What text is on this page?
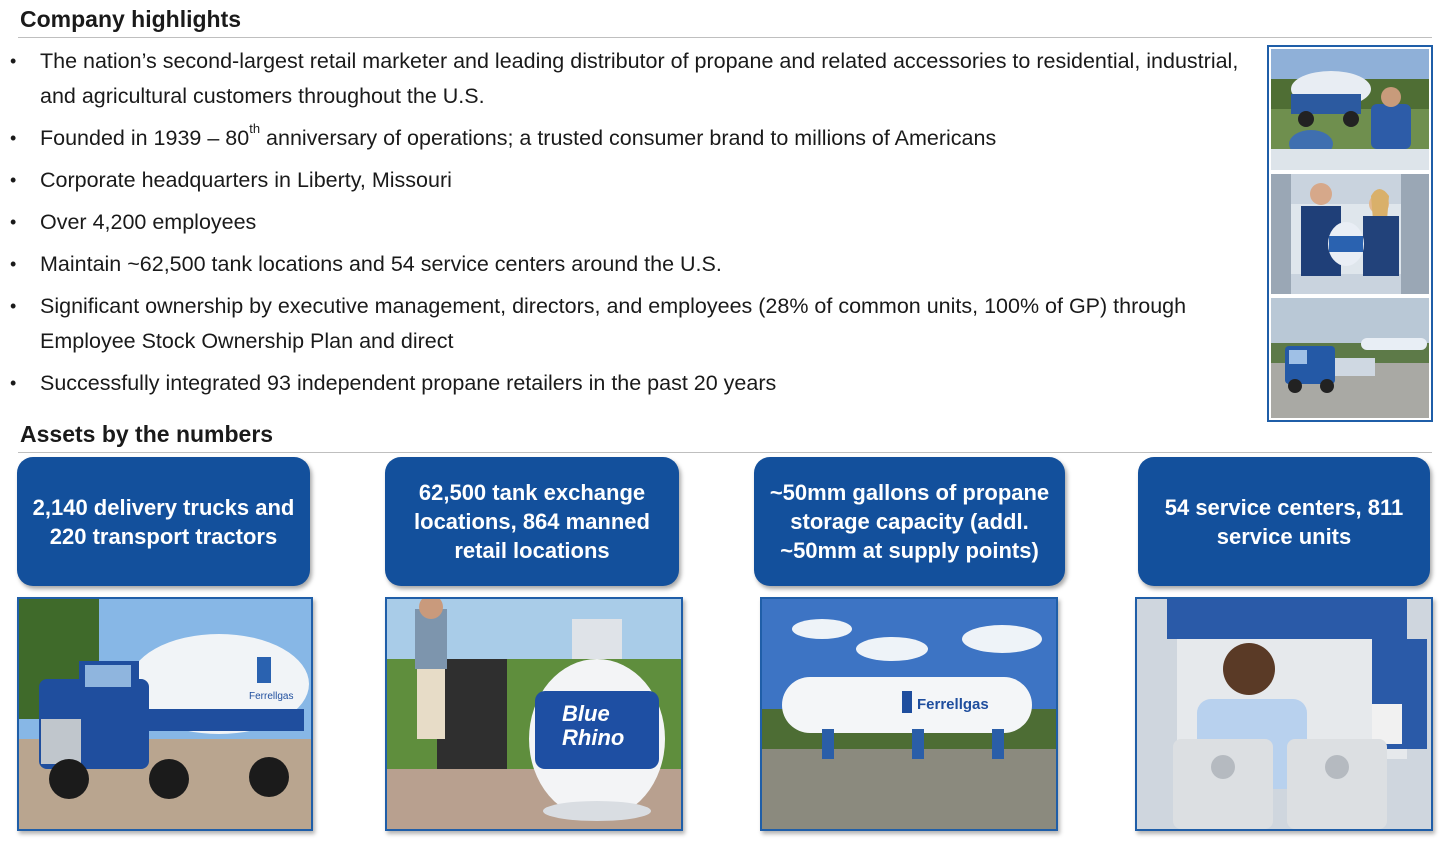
Company highlights
• The nation’s second-largest retail marketer and leading distributor of propane and related accessories to residential, industrial, and agricultural customers throughout the U.S.
• Founded in 1939 – 80th anniversary of operations; a trusted consumer brand to millions of Americans
• Corporate headquarters in Liberty, Missouri
• Over 4,200 employees
• Maintain ~62,500 tank locations and 54 service centers around the U.S.
• Significant ownership by executive management, directors, and employees (28% of common units, 100% of GP) through Employee Stock Ownership Plan and direct
• Successfully integrated 93 independent propane retailers in the past 20 years
Assets by the numbers
2,140 delivery trucks and 220 transport tractors
62,500 tank exchange locations, 864 manned retail locations
~50mm gallons of propane storage capacity (addl. ~50mm at supply points)
54 service centers, 811 service units
Ferrellgas
Blue
Rhino
Ferrellgas
